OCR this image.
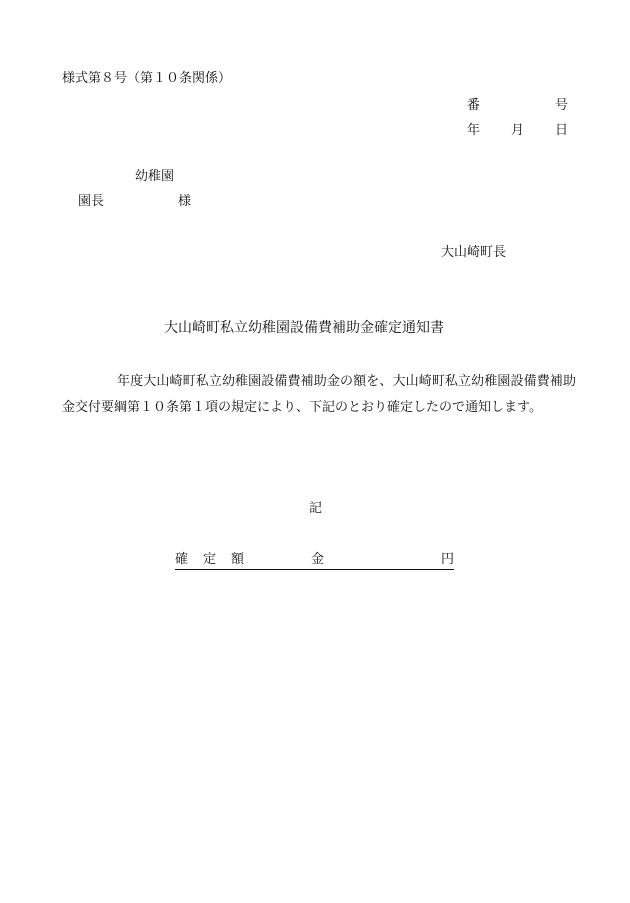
様式第８号（第１０条関係）
番	号
年 月 日
幼稚園
園長	様
大山崎町長
大山崎町私立幼稚園設備費補助金確定通知書
年度大山崎町私立幼稚園設備費補助金の額を、大山崎町私立幼稚園設備費補助金交付要綱第１０条第１項の規定により、下記のとおり確定したので通知します。
記
確定額	金	円
